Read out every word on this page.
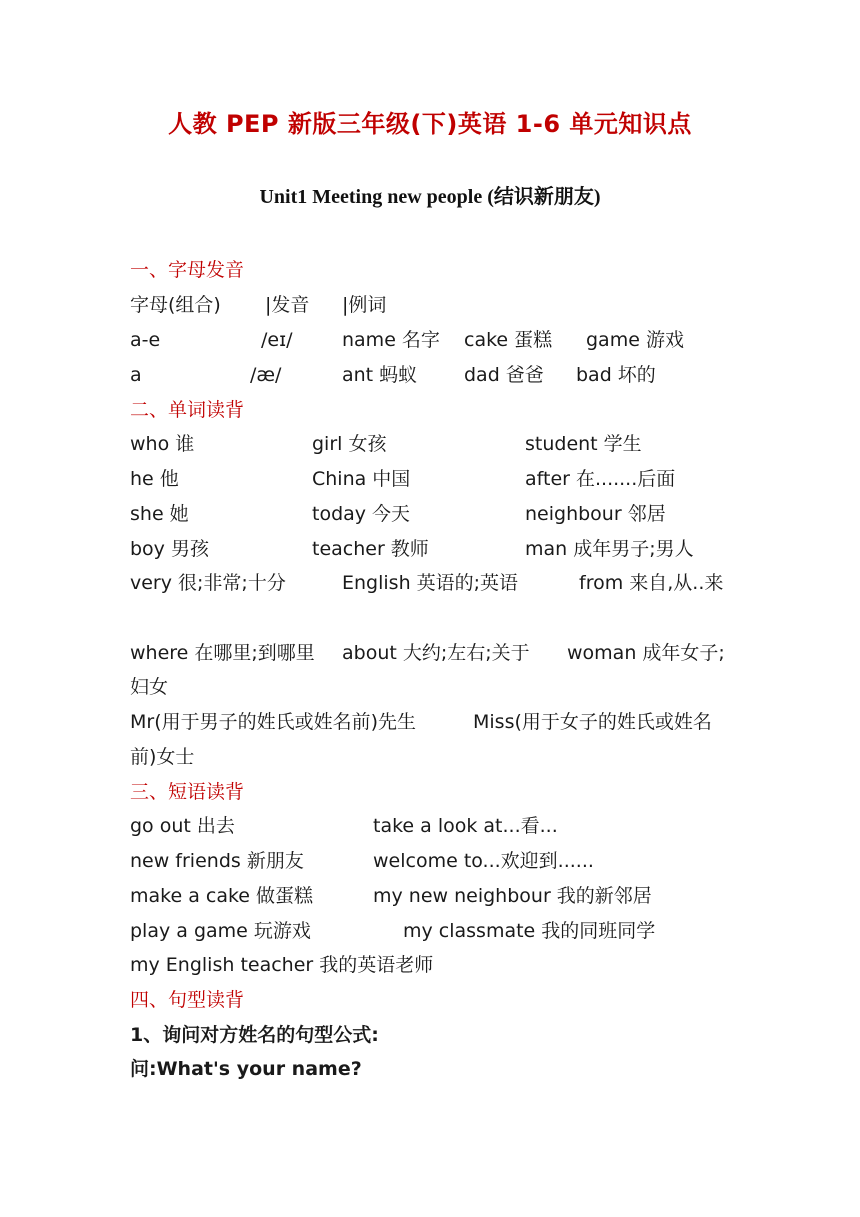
人教 PEP 新版三年级(下)英语 1-6 单元知识点
Unit1 Meeting new people (结识新朋友)
一、字母发音
字母(组合) |发音 |例词
a-e	/eɪ/	name 名字 cake 蛋糕 game 游戏
a	/æ/	ant 蚂蚁 dad 爸爸 bad 坏的
二、单词读背
who 谁	girl 女孩	student 学生
he 他	China 中国	after 在.......后面
she 她	today 今天	neighbour 邻居
boy 男孩	teacher 教师	man 成年男子;男人
very 很;非常;十分	English 英语的;英语	from 来自,从..来
where 在哪里;到哪里 about 大约;左右;关于 woman 成年女子;
妇女
Mr(用于男子的姓氏或姓名前)先生	Miss(用于女子的姓氏或姓名
前)女士
三、短语读背
go out 出去	take a look at...看...
new friends 新朋友	welcome to...欢迎到......
make a cake 做蛋糕	my new neighbour 我的新邻居
play a game 玩游戏	my classmate 我的同班同学
my English teacher 我的英语老师
四、句型读背
1、询问对方姓名的句型公式:
问:What's your name?
